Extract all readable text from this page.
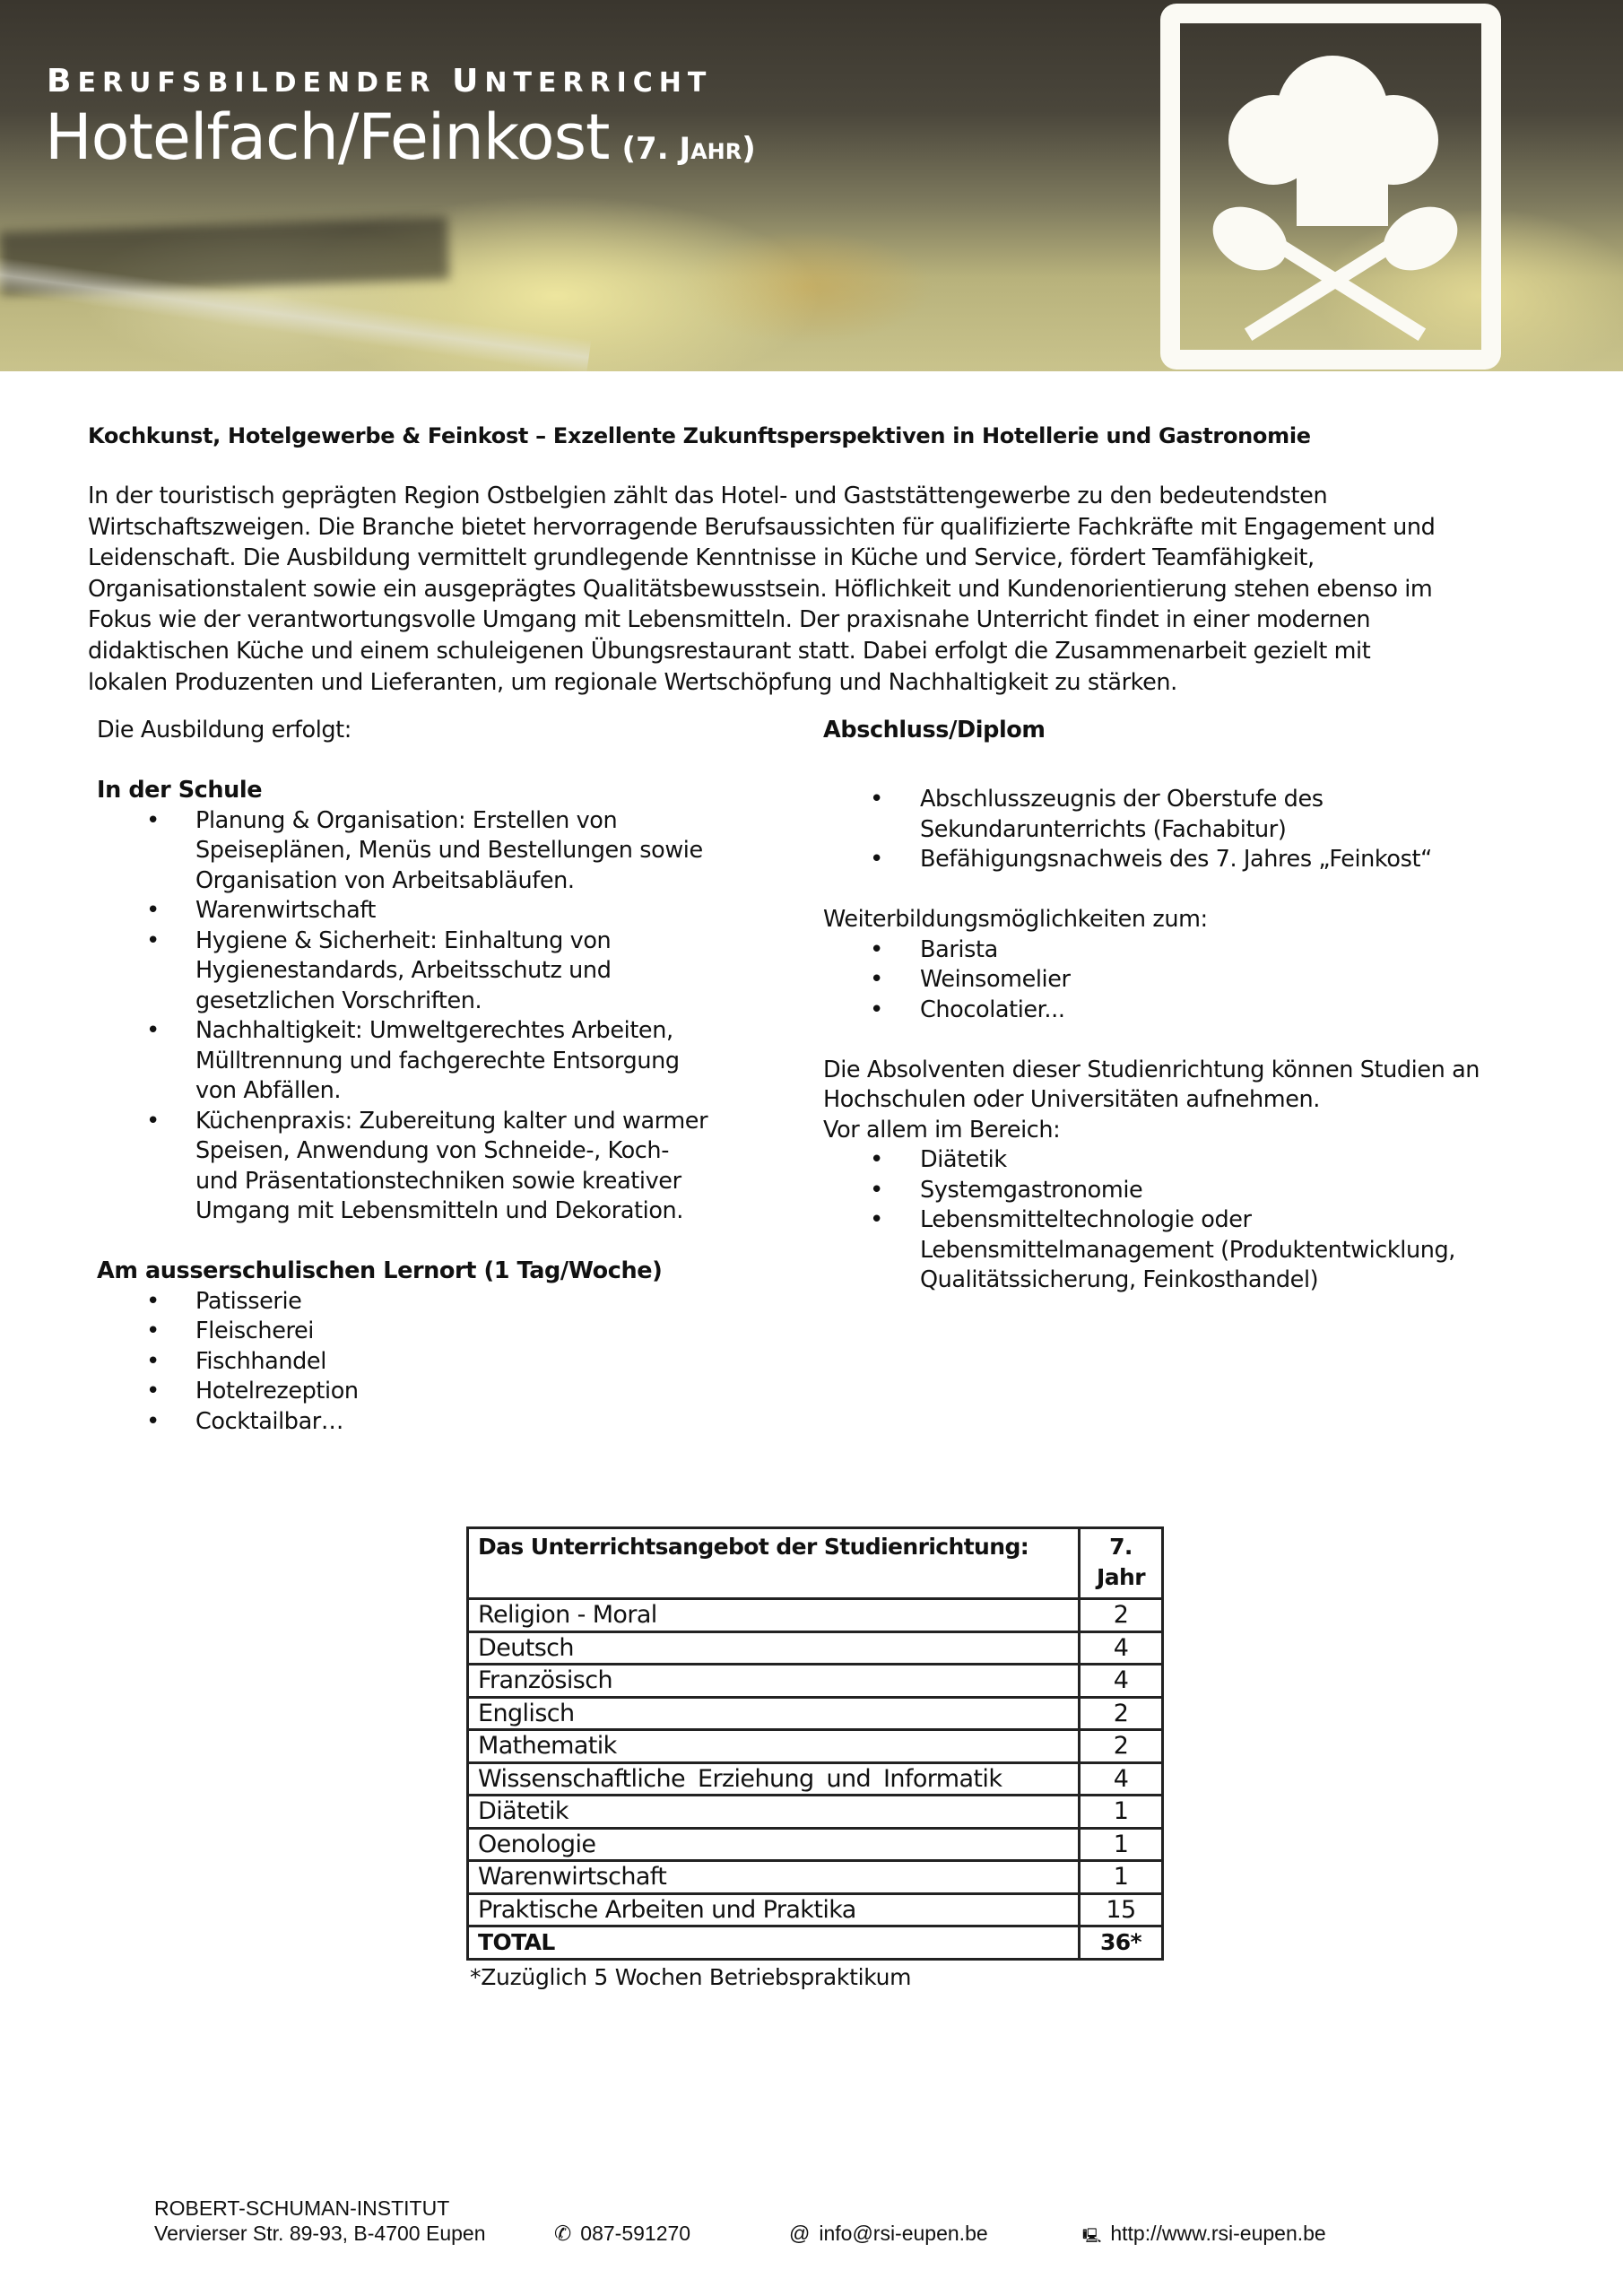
BERUFSBILDENDER UNTERRICHT
Hotelfach/Feinkost (7. Jahr)
Kochkunst, Hotelgewerbe & Feinkost – Exzellente Zukunftsperspektiven in Hotellerie und Gastronomie
In der touristisch geprägten Region Ostbelgien zählt das Hotel- und Gaststättengewerbe zu den bedeutendsten
Wirtschaftszweigen. Die Branche bietet hervorragende Berufsaussichten für qualifizierte Fachkräfte mit Engagement und
Leidenschaft. Die Ausbildung vermittelt grundlegende Kenntnisse in Küche und Service, fördert Teamfähigkeit,
Organisationstalent sowie ein ausgeprägtes Qualitätsbewusstsein. Höflichkeit und Kundenorientierung stehen ebenso im
Fokus wie der verantwortungsvolle Umgang mit Lebensmitteln. Der praxisnahe Unterricht findet in einer modernen
didaktischen Küche und einem schuleigenen Übungsrestaurant statt. Dabei erfolgt die Zusammenarbeit gezielt mit
lokalen Produzenten und Lieferanten, um regionale Wertschöpfung und Nachhaltigkeit zu stärken.

Die Ausbildung erfolgt:

In der Schule

• Planung & Organisation: Erstellen von
Speiseplänen, Menüs und Bestellungen sowie
Organisation von Arbeitsabläufen.
• Warenwirtschaft
• Hygiene & Sicherheit: Einhaltung von
Hygienestandards, Arbeitsschutz und
gesetzlichen Vorschriften.
• Nachhaltigkeit: Umweltgerechtes Arbeiten,
Mülltrennung und fachgerechte Entsorgung
von Abfällen.
• Küchenpraxis: Zubereitung kalter und warmer
Speisen, Anwendung von Schneide-, Koch-
und Präsentationstechniken sowie kreativer
Umgang mit Lebensmitteln und Dekoration.

Am ausserschulischen Lernort (1 Tag/Woche)

• Patisserie
• Fleischerei
• Fischhandel
• Hotelrezeption
• Cocktailbar…

Abschluss/Diplom

• Abschlusszeugnis der Oberstufe des
Sekundarunterrichts (Fachabitur)
• Befähigungsnachweis des 7. Jahres „Feinkost“

Weiterbildungsmöglichkeiten zum:

• Barista
• Weinsomelier
• Chocolatier...

Die Absolventen dieser Studienrichtung können Studien an

Hochschulen oder Universitäten aufnehmen.

Vor allem im Bereich:

• Diätetik
• Systemgastronomie
• Lebensmitteltechnologie oder
Lebensmittelmanagement (Produktentwicklung,
Qualitätssicherung, Feinkosthandel)
Das Unterrichtsangebot der Studienrichtung:	7.
Jahr

Religion - Moral	2
Deutsch	4
Französisch	4
Englisch	2
Mathematik	2
Wissenschaftliche Erziehung und Informatik	4
Diätetik	1
Oenologie	1
Warenwirtschaft	1
Praktische Arbeiten und Praktika	15
TOTAL	36*
*Zuzüglich 5 Wochen Betriebspraktikum
ROBERT-SCHUMAN-INSTITUT
Vervierser Str. 89-93, B-4700 Eupen	✆ 087-591270	@ info@rsi-eupen.be	🖳 http://www.rsi-eupen.be
